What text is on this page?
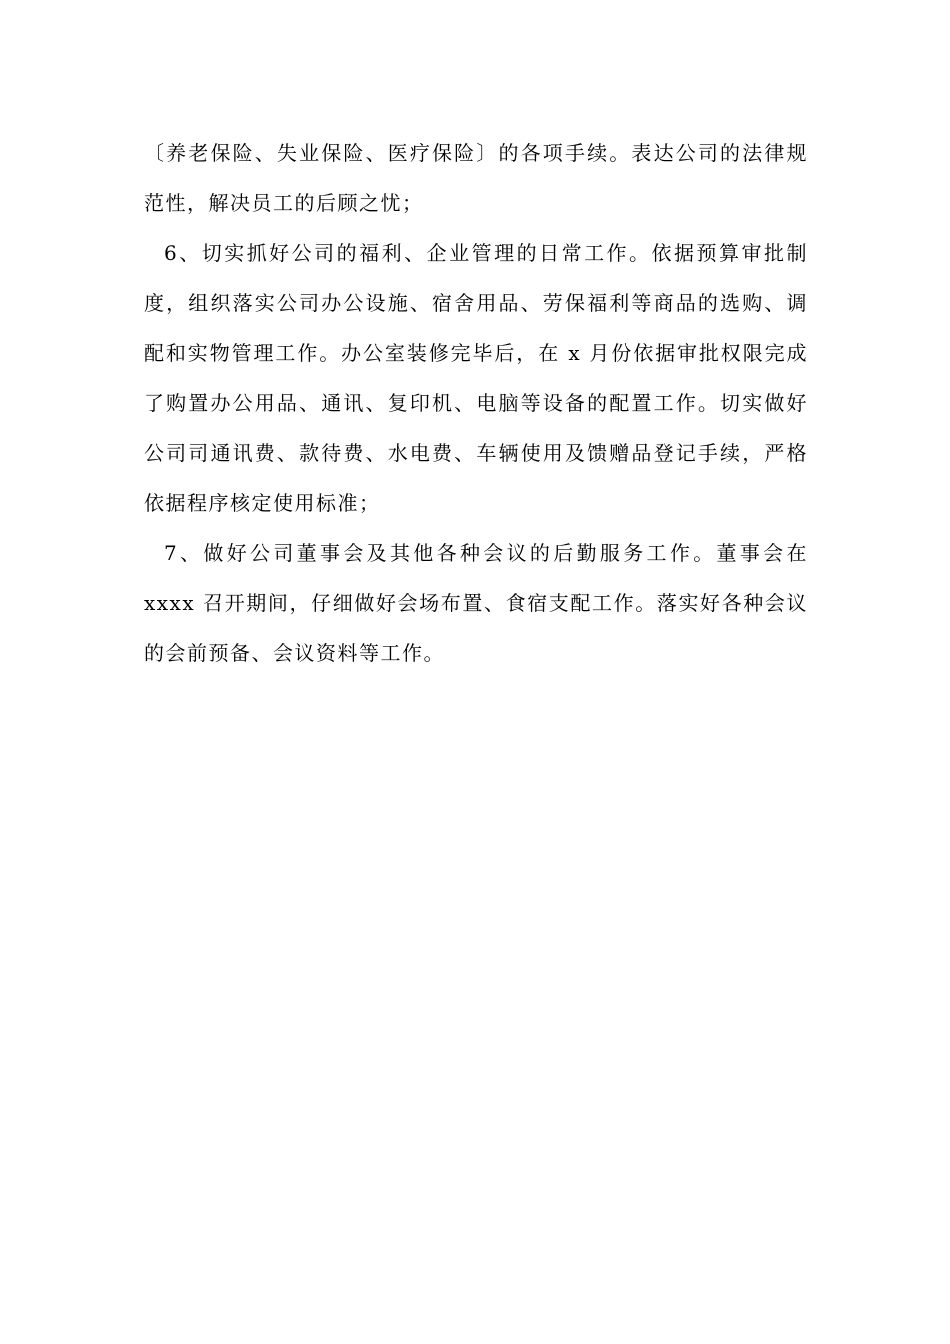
〔养老保险、失业保险、医疗保险〕的各项手续。表达公司的法律规范性，解决员工的后顾之忧；

6、切实抓好公司的福利、企业管理的日常工作。依据预算审批制度，组织落实公司办公设施、宿舍用品、劳保福利等商品的选购、调配和实物管理工作。办公室装修完毕后，在 x 月份依据审批权限完成了购置办公用品、通讯、复印机、电脑等设备的配置工作。切实做好公司司通讯费、款待费、水电费、车辆使用及馈赠品登记手续，严格依据程序核定使用标准；

7、做好公司董事会及其他各种会议的后勤服务工作。董事会在 xxxx 召开期间，仔细做好会场布置、食宿支配工作。落实好各种会议的会前预备、会议资料等工作。
